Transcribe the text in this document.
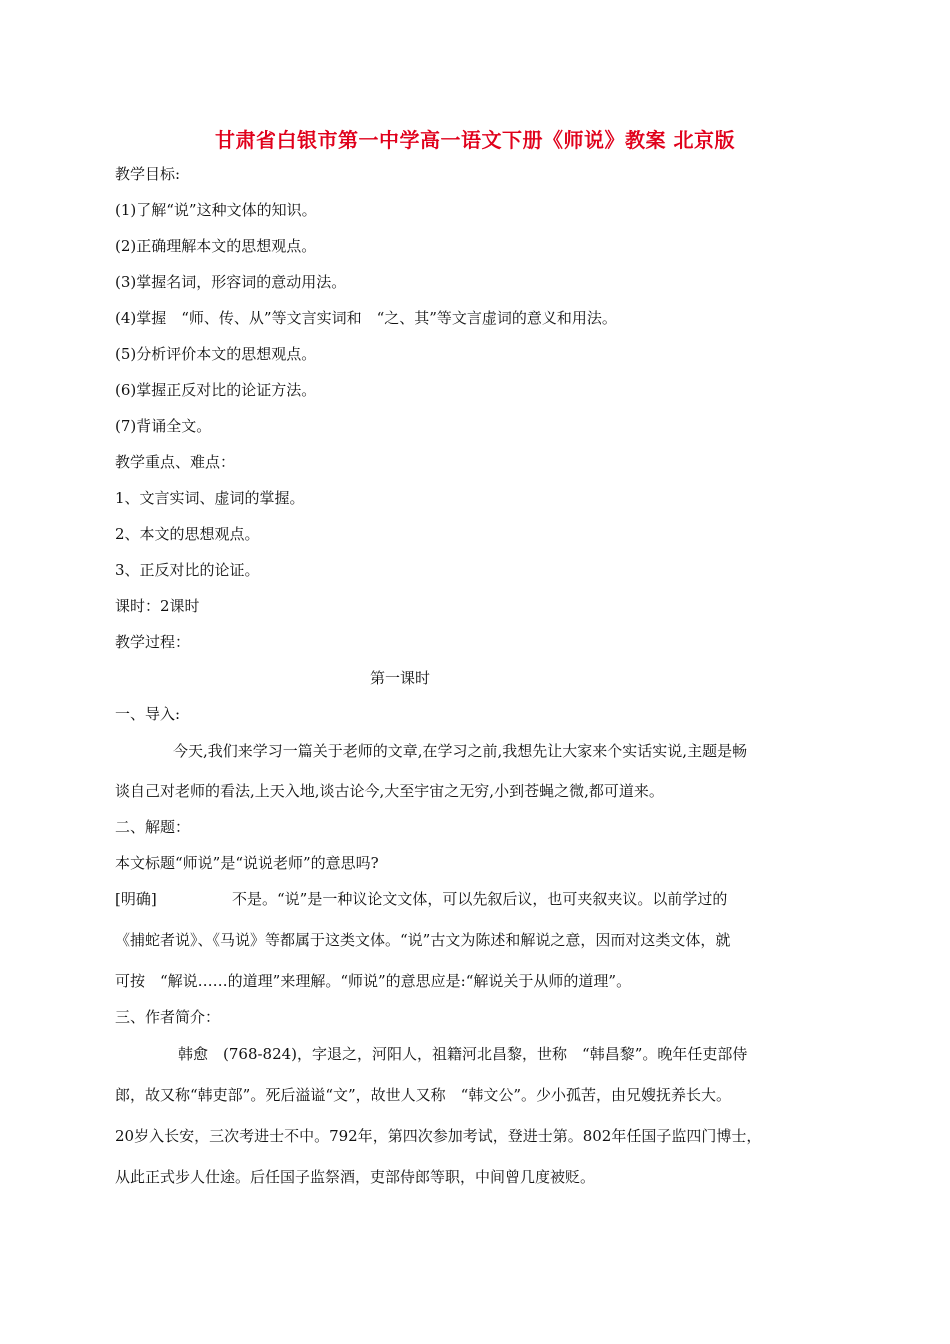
甘肃省白银市第一中学高一语文下册《师说》教案 北京版
教学目标:
(1)了解“说”这种文体的知识。
(2)正确理解本文的思想观点。
(3)掌握名词，形容词的意动用法。
(4)掌握　“师、传、从”等文言实词和　“之、其”等文言虚词的意义和用法。
(5)分析评价本文的思想观点。
(6)掌握正反对比的论证方法。
(7)背诵全文。
教学重点、难点：
1、文言实词、虚词的掌握。
2、本文的思想观点。
3、正反对比的论证。
课时：2课时
教学过程：
第一课时
一、导入:
今天,我们来学习一篇关于老师的文章,在学习之前,我想先让大家来个实话实说,主题是畅
谈自己对老师的看法,上天入地,谈古论今,大至宇宙之无穷,小到苍蝇之微,都可道来。
二、解题：
本文标题“师说”是“说说老师”的意思吗?
[明确]	不是。“说”是一种议论文文体，可以先叙后议，也可夹叙夹议。以前学过的
《捕蛇者说》、《马说》等都属于这类文体。“说”古文为陈述和解说之意，因而对这类文体，就
可按　“解说……的道理”来理解。“师说”的意思应是:“解说关于从师的道理”。
三、作者简介：
韩愈　(768-824)，字退之，河阳人，祖籍河北昌黎，世称　“韩昌黎”。晚年任吏部侍
郎，故又称“韩吏部”。死后溢谥“文”，故世人又称　“韩文公”。少小孤苦，由兄嫂抚养长大。
20岁入长安，三次考进士不中。792年，第四次参加考试，登进士第。802年任国子监四门博士，
从此正式步人仕途。后任国子监祭酒，吏部侍郎等职，中间曾几度被贬。
